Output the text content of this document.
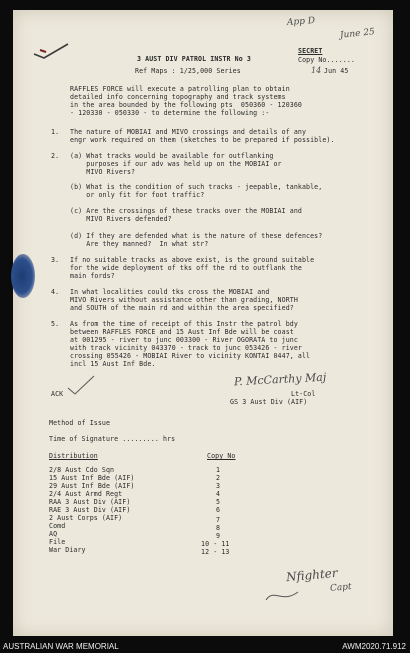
App D
June 25
3 AUST DIV PATROL INSTR No 3
SECRET
Copy No.......
Ref Maps : 1/25,000 Series	14 Jun 45
RAFFLES FORCE will execute a patrolling plan to obtain
detailed info concerning topography and track systems
in the area bounded by the following pts  050360 - 120360
- 120330 - 050330 - to determine the following :-
1. The nature of MOBIAI and MIVO crossings and details of any
engr work required on them (sketches to be prepared if possible).
2. (a) What tracks would be available for outflanking
purposes if our adv was held up on the MOBIAI or
MIVO Rivers?
(b) What is the condition of such tracks - jeepable, tankable,
or only fit for foot traffic?
(c) Are the crossings of these tracks over the MOBIAI and
MIVO Rivers defended?
(d) If they are defended what is the nature of these defences?
Are they manned?  In what str?
3. If no suitable tracks as above exist, is the ground suitable
for the wide deployment of tks off the rd to outflank the
main fords?
4. In what localities could tks cross the MOBIAI and
MIVO Rivers without assistance other than grading, NORTH
and SOUTH of the main rd and within the area specified?
5. As from the time of receipt of this Instr the patrol bdy
between RAFFLES FORCE and 15 Aust Inf Bde will be coast
at 001295 - river to junc 003300 - River OGORATA to junc
with track vicinity 043370 - track to junc 053426 - river
crossing 055426 - MOBIAI River to vicinity KONTAI 0447, all
incl 15 Aust Inf Bde.
ACK
P. McCarthy Maj
Lt-Col
GS 3 Aust Div (AIF)
Method of Issue
Time of Signature ......... hrs
Distribution	Copy No
2/8 Aust Cdo Sqn	1
15 Aust Inf Bde (AIF)	2
29 Aust Inf Bde (AIF)	3
2/4 Aust Armd Regt	4
RAA 3 Aust Div (AIF)	5
RAE 3 Aust Div (AIF)	6
2 Aust Corps (AIF)	7
Comd	8
AQ	9
File	10 - 11
War Diary	12 - 13
Nfighter
Capt
AUSTRALIAN WAR MEMORIAL	AWM2020.71.912
